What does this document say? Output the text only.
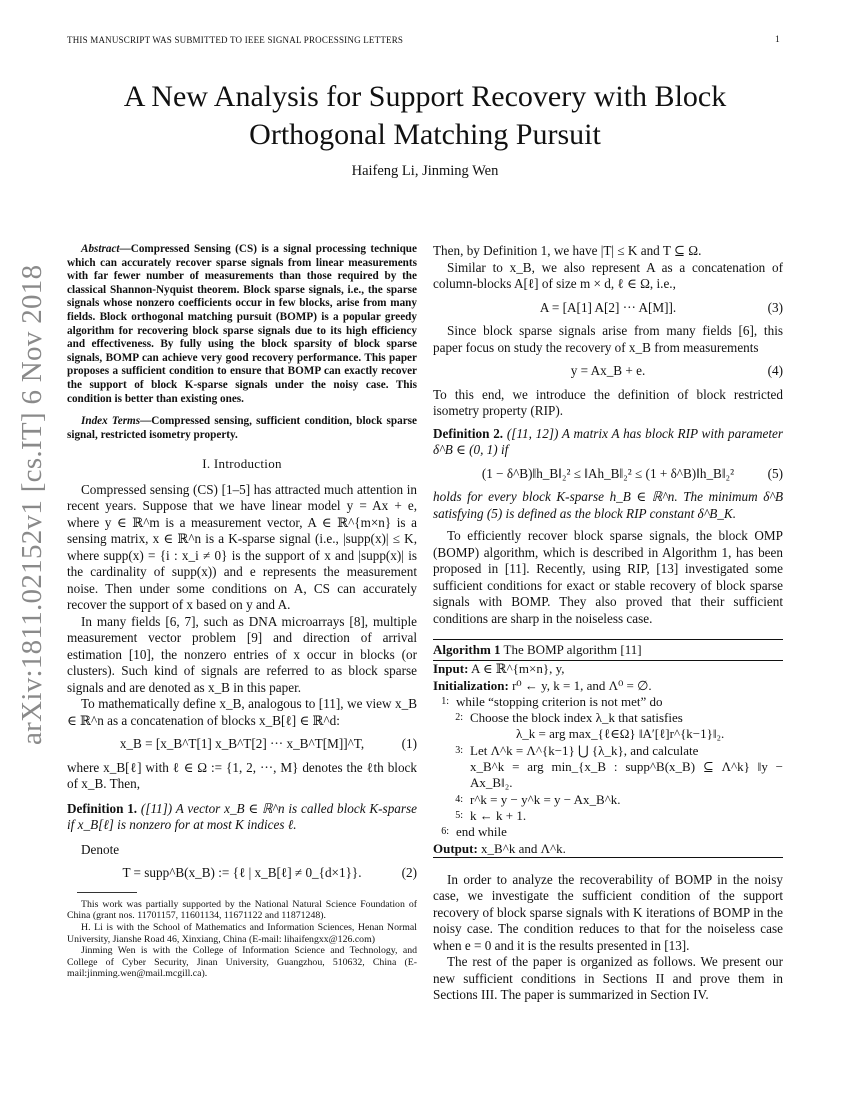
THIS MANUSCRIPT WAS SUBMITTED TO IEEE SIGNAL PROCESSING LETTERS	1
A New Analysis for Support Recovery with Block
Orthogonal Matching Pursuit
Haifeng Li, Jinming Wen
arXiv:1811.02152v1 [cs.IT] 6 Nov 2018

Abstract—Compressed Sensing (CS) is a signal processing technique which can accurately recover sparse signals from linear measurements with far fewer number of measurements than those required by the classical Shannon-Nyquist theorem. Block sparse signals, i.e., the sparse signals whose nonzero coefficients occur in few blocks, arise from many fields. Block orthogonal matching pursuit (BOMP) is a popular greedy algorithm for recovering block sparse signals due to its high efficiency and effectiveness. By fully using the block sparsity of block sparse signals, BOMP can achieve very good recovery performance. This paper proposes a sufficient condition to ensure that BOMP can exactly recover the support of block K-sparse signals under the noisy case. This condition is better than existing ones.

Index Terms—Compressed sensing, sufficient condition, block sparse signal, restricted isometry property.

I. Introduction

Compressed sensing (CS) [1–5] has attracted much attention in recent years. Suppose that we have linear model y = Ax + e, where y ∈ ℝ^m is a measurement vector, A ∈ ℝ^{m×n} is a sensing matrix, x ∈ ℝ^n is a K-sparse signal (i.e., |supp(x)| ≤ K, where supp(x) = {i : x_i ≠ 0} is the support of x and |supp(x)| is the cardinality of supp(x)) and e represents the measurement noise. Then under some conditions on A, CS can accurately recover the support of x based on y and A.

In many fields [6, 7], such as DNA microarrays [8], multiple measurement vector problem [9] and direction of arrival estimation [10], the nonzero entries of x occur in blocks (or clusters). Such kind of signals are referred to as block sparse signals and are denoted as x_B in this paper.

To mathematically define x_B, analogous to [11], we view x_B ∈ ℝ^n as a concatenation of blocks x_B[ℓ] ∈ ℝ^d:

x_B = [x_B^T[1] x_B^T[2] ··· x_B^T[M]]^T,	(1)

where x_B[ℓ] with ℓ ∈ Ω := {1, 2, ···, M} denotes the ℓth block of x_B. Then,

Definition 1. ([11]) A vector x_B ∈ ℝ^n is called block K-sparse if x_B[ℓ] is nonzero for at most K indices ℓ.

Denote

T = supp^B(x_B) := {ℓ | x_B[ℓ] ≠ 0_{d×1}}.	(2)

This work was partially supported by the National Natural Science Foundation of China (grant nos. 11701157, 11601134, 11671122 and 11871248).

H. Li is with the School of Mathematics and Information Sciences, Henan Normal University, Jianshe Road 46, Xinxiang, China (E-mail: lihaifengxx@126.com)

Jinming Wen is with the College of Information Science and Technology, and College of Cyber Security, Jinan University, Guangzhou, 510632, China (E-mail:jinming.wen@mail.mcgill.ca).

Then, by Definition 1, we have |T| ≤ K and T ⊆ Ω.

Similar to x_B, we also represent A as a concatenation of column-blocks A[ℓ] of size m × d, ℓ ∈ Ω, i.e.,

A = [A[1] A[2] ··· A[M]].	(3)

Since block sparse signals arise from many fields [6], this paper focus on study the recovery of x_B from measurements

y = Ax_B + e.	(4)

To this end, we introduce the definition of block restricted isometry property (RIP).

Definition 2. ([11, 12]) A matrix A has block RIP with parameter δ^B ∈ (0, 1) if

(1 − δ^B)‖h_B‖₂² ≤ ‖Ah_B‖₂² ≤ (1 + δ^B)‖h_B‖₂²	(5)

holds for every block K-sparse h_B ∈ ℝ^n. The minimum δ^B satisfying (5) is defined as the block RIP constant δ^B_K.

To efficiently recover block sparse signals, the block OMP (BOMP) algorithm, which is described in Algorithm 1, has been proposed in [11]. Recently, using RIP, [13] investigated some sufficient conditions for exact or stable recovery of block sparse signals with BOMP. They also proved that their sufficient conditions are sharp in the noiseless case.

Algorithm 1 The BOMP algorithm [11]
Input: A ∈ ℝ^{m×n}, y,
Initialization: r⁰ ← y, k = 1, and Λ⁰ = ∅.
1: while “stopping criterion is not met” do
2: Choose the block index λ_k that satisfies
λ_k = arg max_{ℓ∈Ω} ‖A′[ℓ]r^{k−1}‖₂.
3: Let Λ^k = Λ^{k−1} ⋃ {λ_k}, and calculate
x_B^k = arg min_{x_B : supp^B(x_B) ⊆ Λ^k} ‖y − Ax_B‖₂.
4: r^k = y − y^k = y − Ax_B^k.
5: k ← k + 1.
6: end while
Output: x_B^k and Λ^k.

In order to analyze the recoverability of BOMP in the noisy case, we investigate the sufficient condition of the support recovery of block sparse signals with K iterations of BOMP in the noisy case. The condition reduces to that for the noiseless case when e = 0 and it is the results presented in [13].

The rest of the paper is organized as follows. We present our new sufficient conditions in Sections II and prove them in Sections III. The paper is summarized in Section IV.
